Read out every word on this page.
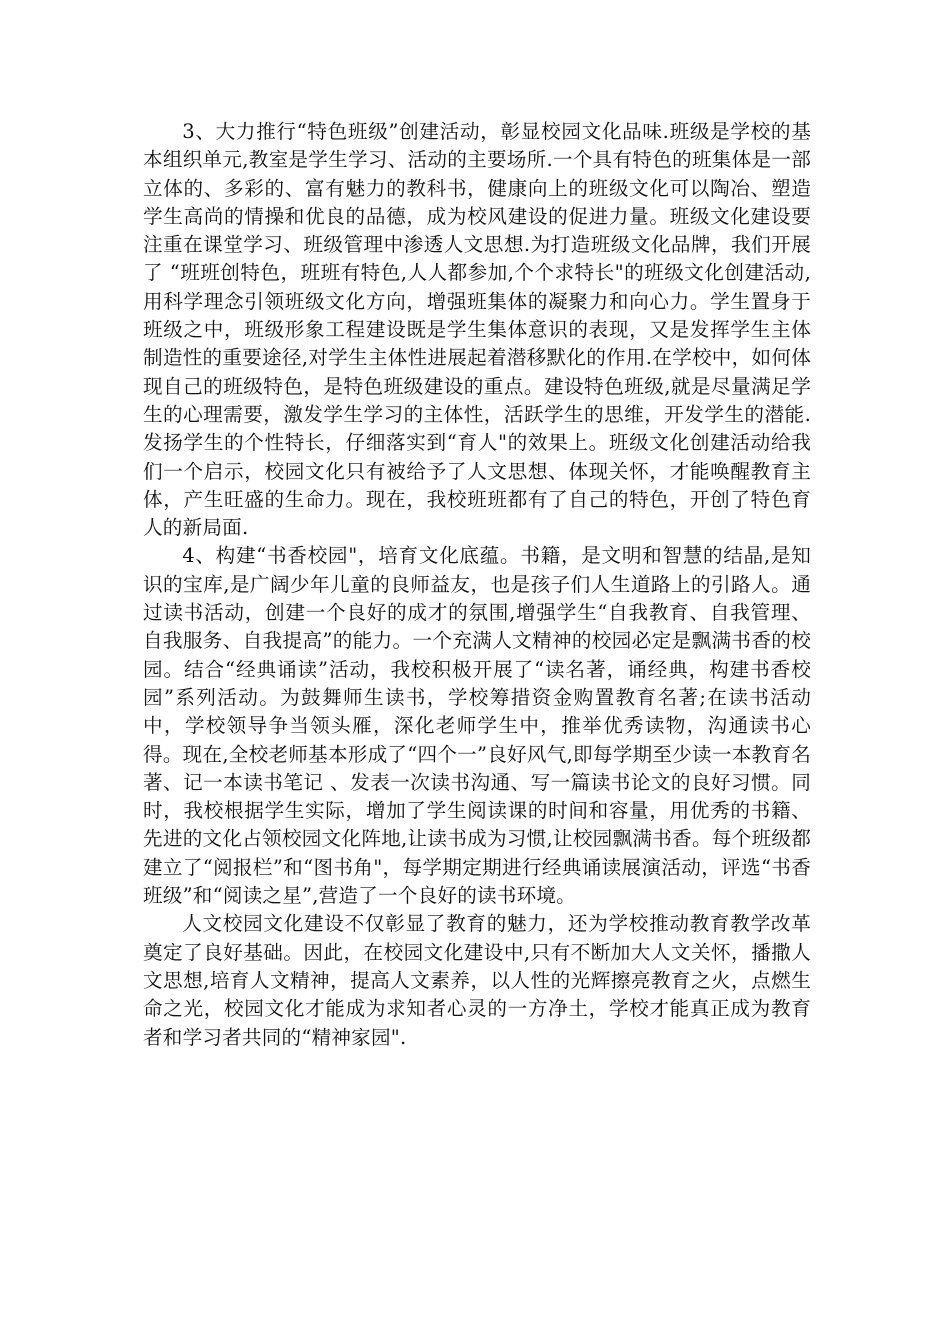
3、大力推行“特色班级”创建活动，彰显校园文化品味.班级是学校的基本组织单元,教室是学生学习、活动的主要场所.一个具有特色的班集体是一部立体的、多彩的、富有魅力的教科书，健康向上的班级文化可以陶冶、塑造学生高尚的情操和优良的品德，成为校风建设的促进力量。班级文化建设要注重在课堂学习、班级管理中渗透人文思想.为打造班级文化品牌，我们开展了 “班班创特色，班班有特色,人人都参加,个个求特长"的班级文化创建活动,用科学理念引领班级文化方向，增强班集体的凝聚力和向心力。学生置身于班级之中，班级形象工程建设既是学生集体意识的表现，又是发挥学生主体制造性的重要途径,对学生主体性进展起着潜移默化的作用.在学校中，如何体现自己的班级特色，是特色班级建设的重点。建设特色班级,就是尽量满足学生的心理需要，激发学生学习的主体性，活跃学生的思维，开发学生的潜能.发扬学生的个性特长，仔细落实到“育人"的效果上。班级文化创建活动给我们一个启示，校园文化只有被给予了人文思想、体现关怀，才能唤醒教育主体，产生旺盛的生命力。现在，我校班班都有了自己的特色，开创了特色育人的新局面.

4、构建“书香校园"，培育文化底蕴。书籍，是文明和智慧的结晶,是知识的宝库,是广阔少年儿童的良师益友，也是孩子们人生道路上的引路人。通过读书活动，创建一个良好的成才的氛围,增强学生“自我教育、自我管理、自我服务、自我提高”的能力。一个充满人文精神的校园必定是飘满书香的校园。结合“经典诵读”活动，我校积极开展了“读名著，诵经典，构建书香校园”系列活动。为鼓舞师生读书，学校筹措资金购置教育名著;在读书活动中，学校领导争当领头雁，深化老师学生中，推举优秀读物，沟通读书心得。现在,全校老师基本形成了“四个一”良好风气,即每学期至少读一本教育名著、记一本读书笔记 、发表一次读书沟通、写一篇读书论文的良好习惯。同时，我校根据学生实际，增加了学生阅读课的时间和容量，用优秀的书籍、先进的文化占领校园文化阵地,让读书成为习惯,让校园飘满书香。每个班级都建立了“阅报栏”和“图书角"，每学期定期进行经典诵读展演活动，评选“书香班级”和“阅读之星”,营造了一个良好的读书环境。

人文校园文化建设不仅彰显了教育的魅力，还为学校推动教育教学改革奠定了良好基础。因此，在校园文化建设中,只有不断加大人文关怀，播撒人文思想,培育人文精神，提高人文素养，以人性的光辉擦亮教育之火，点燃生命之光，校园文化才能成为求知者心灵的一方净土，学校才能真正成为教育者和学习者共同的“精神家园".
